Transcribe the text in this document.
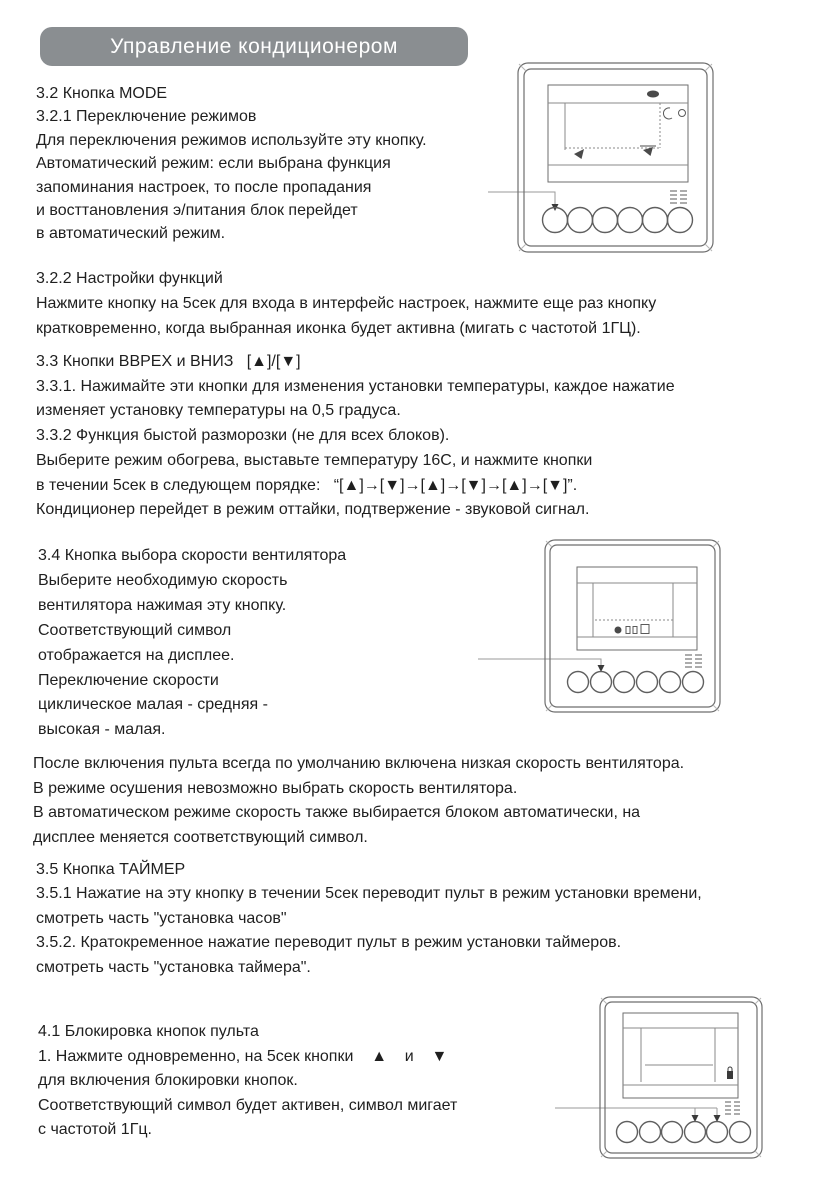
Управление кондиционером
3.2 Кнопка MODE
3.2.1 Переключение режимов
Для переключения режимов используйте эту кнопку.
Автоматический режим: если выбрана функция
запоминания настроек, то после пропадания
и восттановления э/питания блок перейдет
в автоматический режим.
3.2.2 Настройки функций
Нажмите кнопку на 5сек для входа в интерфейс настроек, нажмите еще раз кнопку
кратковременно, когда выбранная иконка будет активна (мигать с частотой 1ГЦ).
3.3 Кнопки ВВРЕХ и ВНИЗ   [▲]/[▼]
3.3.1. Нажимайте эти кнопки для изменения установки температуры, каждое нажатие
изменяет установку температуры на 0,5 градуса.
3.3.2 Функция быстой разморозки (не для всех блоков).
Выберите режим обогрева, выставьте температуру 16С, и нажмите кнопки
в течении 5сек в следующем порядке:   “[▲]→[▼]→[▲]→[▼]→[▲]→[▼]”.
Кондиционер перейдет в режим оттайки, подтвержение - звуковой сигнал.
3.4 Кнопка выбора скорости вентилятора
Выберите необходимую скорость
вентилятора нажимая эту кнопку.
Соответствующий символ
отображается на дисплее.
Переключение скорости
циклическое малая - средняя -
высокая - малая.
После включения пульта всегда по умолчанию включена низкая скорость вентилятора.
В режиме осушения невозможно выбрать скорость вентилятора.
В автоматическом режиме скорость также выбирается блоком автоматически, на
дисплее меняется соответствующий символ.
3.5 Кнопка ТАЙМЕР
3.5.1 Нажатие на эту кнопку в течении 5сек переводит пульт в режим установки времени,
смотреть часть "установка часов"
3.5.2. Кратокременное нажатие переводит пульт в режим установки таймеров.
смотреть часть "установка таймера".
4.1 Блокировка кнопок пульта
1. Нажмите одновременно, на 5сек кнопки    ▲    и    ▼
для включения блокировки кнопок.
Соответствующий символ будет активен, символ мигает
с частотой 1Гц.
